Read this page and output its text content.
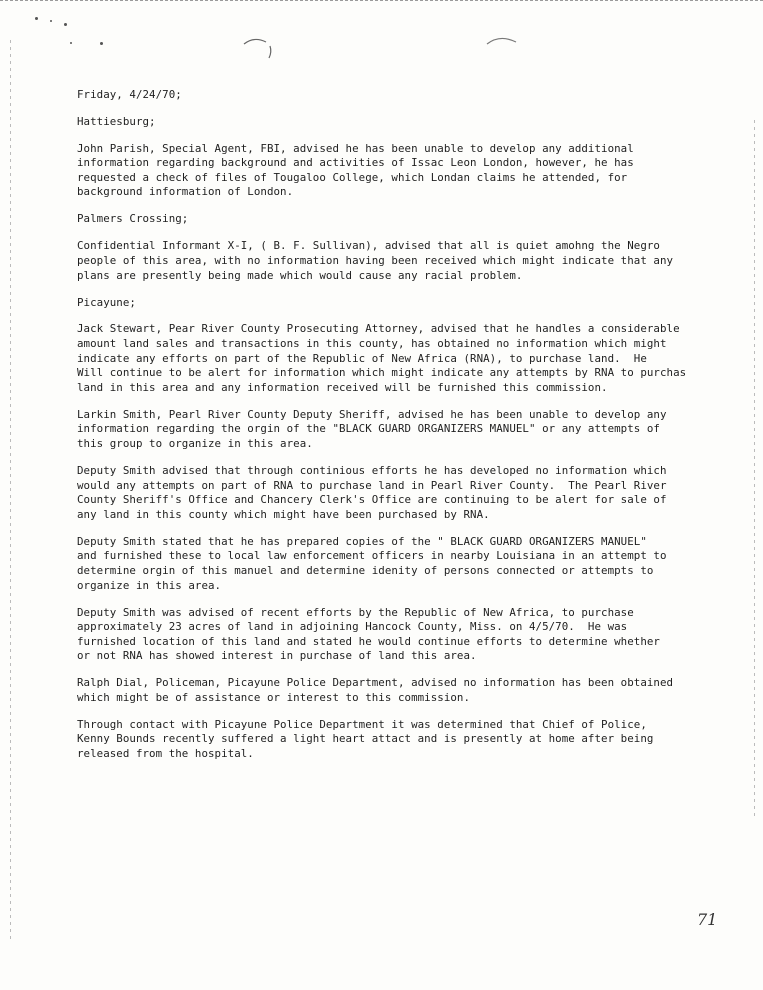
Friday, 4/24/70;

Hattiesburg;

John Parish, Special Agent, FBI, advised he has been unable to develop any additional

information regarding background and activities of Issac Leon London, however, he has

requested a check of files of Tougaloo College, which Londan claims he attended, for

background information of London.

Palmers Crossing;

Confidential Informant X-I, ( B. F. Sullivan), advised that all is quiet amohng the Negro

people of this area, with no information having been received which might indicate that any

plans are presently being made which would cause any racial problem.

Picayune;

Jack Stewart, Pear River County Prosecuting Attorney, advised that he handles a considerable

amount land sales and transactions in this county, has obtained no information which might

indicate any efforts on part of the Republic of New Africa (RNA), to purchase land.  He

Will continue to be alert for information which might indicate any attempts by RNA to purchas

land in this area and any information received will be furnished this commission.

Larkin Smith, Pearl River County Deputy Sheriff, advised he has been unable to develop any

information regarding the orgin of the "BLACK GUARD ORGANIZERS MANUEL" or any attempts of

this group to organize in this area.

Deputy Smith advised that through continious efforts he has developed no information which

would any attempts on part of RNA to purchase land in Pearl River County.  The Pearl River

County Sheriff's Office and Chancery Clerk's Office are continuing to be alert for sale of

any land in this county which might have been purchased by RNA.

Deputy Smith stated that he has prepared copies of the " BLACK GUARD ORGANIZERS MANUEL"

and furnished these to local law enforcement officers in nearby Louisiana in an attempt to

determine orgin of this manuel and determine idenity of persons connected or attempts to

organize in this area.

Deputy Smith was advised of recent efforts by the Republic of New Africa, to purchase

approximately 23 acres of land in adjoining Hancock County, Miss. on 4/5/70.  He was

furnished location of this land and stated he would continue efforts to determine whether

or not RNA has showed interest in purchase of land this area.

Ralph Dial, Policeman, Picayune Police Department, advised no information has been obtained

which might be of assistance or interest to this commission.

Through contact with Picayune Police Department it was determined that Chief of Police,

Kenny Bounds recently suffered a light heart attact and is presently at home after being

released from the hospital.

71
